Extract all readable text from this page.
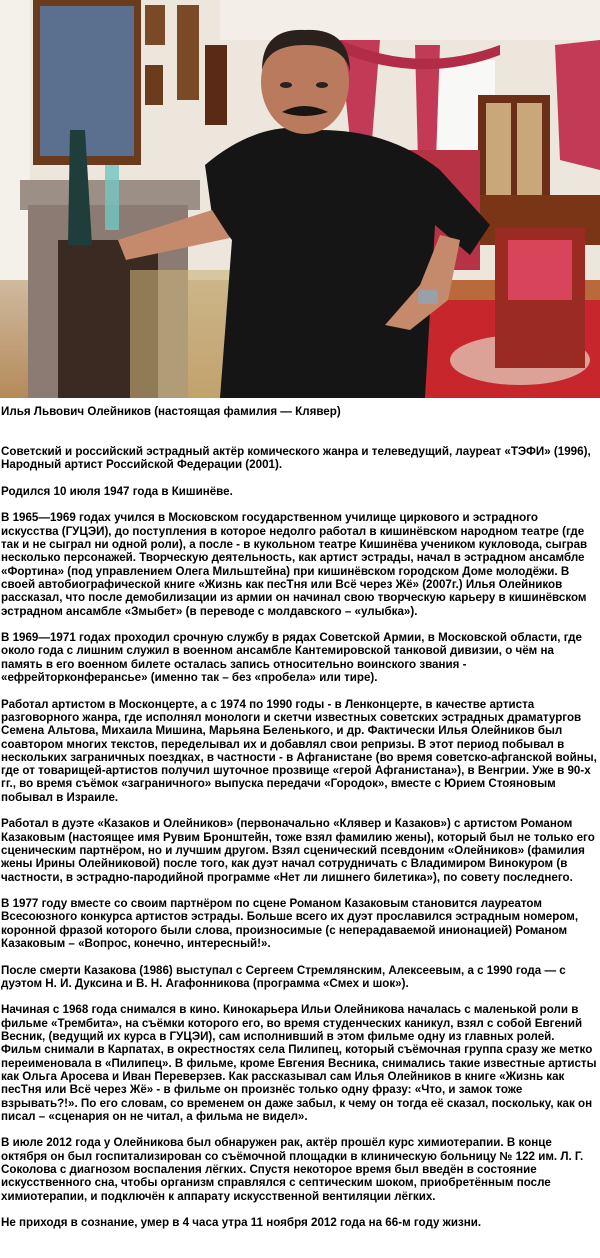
Илья Львович Олейников (настоящая фамилия — Клявер)

Советский и российский эстрадный актёр комического жанра и телеведущий, лауреат «ТЭФИ» (1996), Народный артист Российской Федерации (2001).

Родился 10 июля 1947 года в Кишинёве.

В 1965—1969 годах учился в Московском государственном училище циркового и эстрадного искусства (ГУЦЭИ), до поступления в которое недолго работал в кишинёвском народном театре (где так и не сыграл ни одной роли), а после - в кукольном театре Кишинёва учеником кукловода, сыграв несколько персонажей. Творческую деятельность, как артист эстрады, начал в эстрадном ансамбле «Фортина» (под управлением Олега Мильштейна) при кишинёвском городском Доме молодёжи. В своей автобиографической книге «Жизнь как песТня или Всё через Жё» (2007г.) Илья Олейников рассказал, что после демобилизации из армии он начинал свою творческую карьеру в кишинёвском эстрадном ансамбле «Змыбет» (в переводе с молдавского – «улыбка»).

В 1969—1971 годах проходил срочную службу в рядах Советской Армии, в Московской области, где около года с лишним служил в военном ансамбле Кантемировской танковой дивизии, о чём на память в его военном билете осталась запись относительно воинского звания - «ефрейторконферансье» (именно так – без «пробела» или тире).

Работал артистом в Москонцерте, а с 1974 по 1990 годы - в Ленконцерте, в качестве артиста разговорного жанра, где исполнял монологи и скетчи известных советских эстрадных драматургов Семена Альтова, Михаила Мишина, Марьяна Беленького, и др. Фактически Илья Олейников был соавтором многих текстов, переделывал их и добавлял свои репризы. В этот период побывал в нескольких заграничных поездках, в частности - в Афганистане (во время советско-афганской войны, где от товарищей-артистов получил шуточное прозвище «герой Афганистана»), в Венгрии. Уже в 90-х гг., во время съёмок «заграничного» выпуска передачи «Городок», вместе с Юрием Стояновым побывал в Израиле.

Работал в дуэте «Казаков и Олейников» (первоначально «Клявер и Казаков») с артистом Романом Казаковым (настоящее имя Рувим Бронштейн, тоже взял фамилию жены), который был не только его сценическим партнёром, но и лучшим другом. Взял сценический псевдоним «Олейников» (фамилия жены Ирины Олейниковой) после того, как дуэт начал сотрудничать с Владимиром Винокуром (в частности, в эстрадно-пародийной программе «Нет ли лишнего билетика»), по совету последнего.

В 1977 году вместе со своим партнёром по сцене Романом Казаковым становится лауреатом Всесоюзного конкурса артистов эстрады. Больше всего их дуэт прославился эстрадным номером, коронной фразой которого были слова, произносимые (с неперадаваемой инионацией) Романом Казаковым – «Вопрос, конечно, интересный!».

После смерти Казакова (1986) выступал с Сергеем Стремлянским, Алексеевым, а с 1990 года — с дуэтом Н. И. Дуксина и В. Н. Агафонникова (программа «Смех и шок»).

Начиная с 1968 года снимался в кино. Кинокарьера Ильи Олейникова началась с маленькой роли в фильме «Трембита», на съёмки которого его, во время студенческих каникул, взял с собой Евгений Весник, (ведущий их курса в ГУЦЭИ), сам исполнивший в этом фильме одну из главных ролей. Фильм снимали в Карпатах, в окрестностях села Пилипец, который съёмочная группа сразу же метко переименовала в «Пилипец». В фильме, кроме Евгения Весника, снимались такие известные артисты как Ольга Аросева и Иван Переверзев. Как рассказывал сам Илья Олейников в книге «Жизнь как песТня или Всё через Жё» - в фильме он произнёс только одну фразу: «Что, и замок тоже взрывать?!». По его словам, со временем он даже забыл, к чему он тогда её сказал, поскольку, как он писал – «сценария он не читал, а фильма не видел».

В июле 2012 года у Олейникова был обнаружен рак, актёр прошёл курс химиотерапии. В конце октября он был госпитализирован со съёмочной площадки в клиническую больницу № 122 им. Л. Г. Соколова с диагнозом воспаления лёгких. Спустя некоторое время был введён в состояние искусственного сна, чтобы организм справлялся с септическим шоком, приобретённым после химиотерапии, и подключён к аппарату искусственной вентиляции лёгких.

Не приходя в сознание, умер в 4 часа утра 11 ноября 2012 года на 66-м году жизни.
